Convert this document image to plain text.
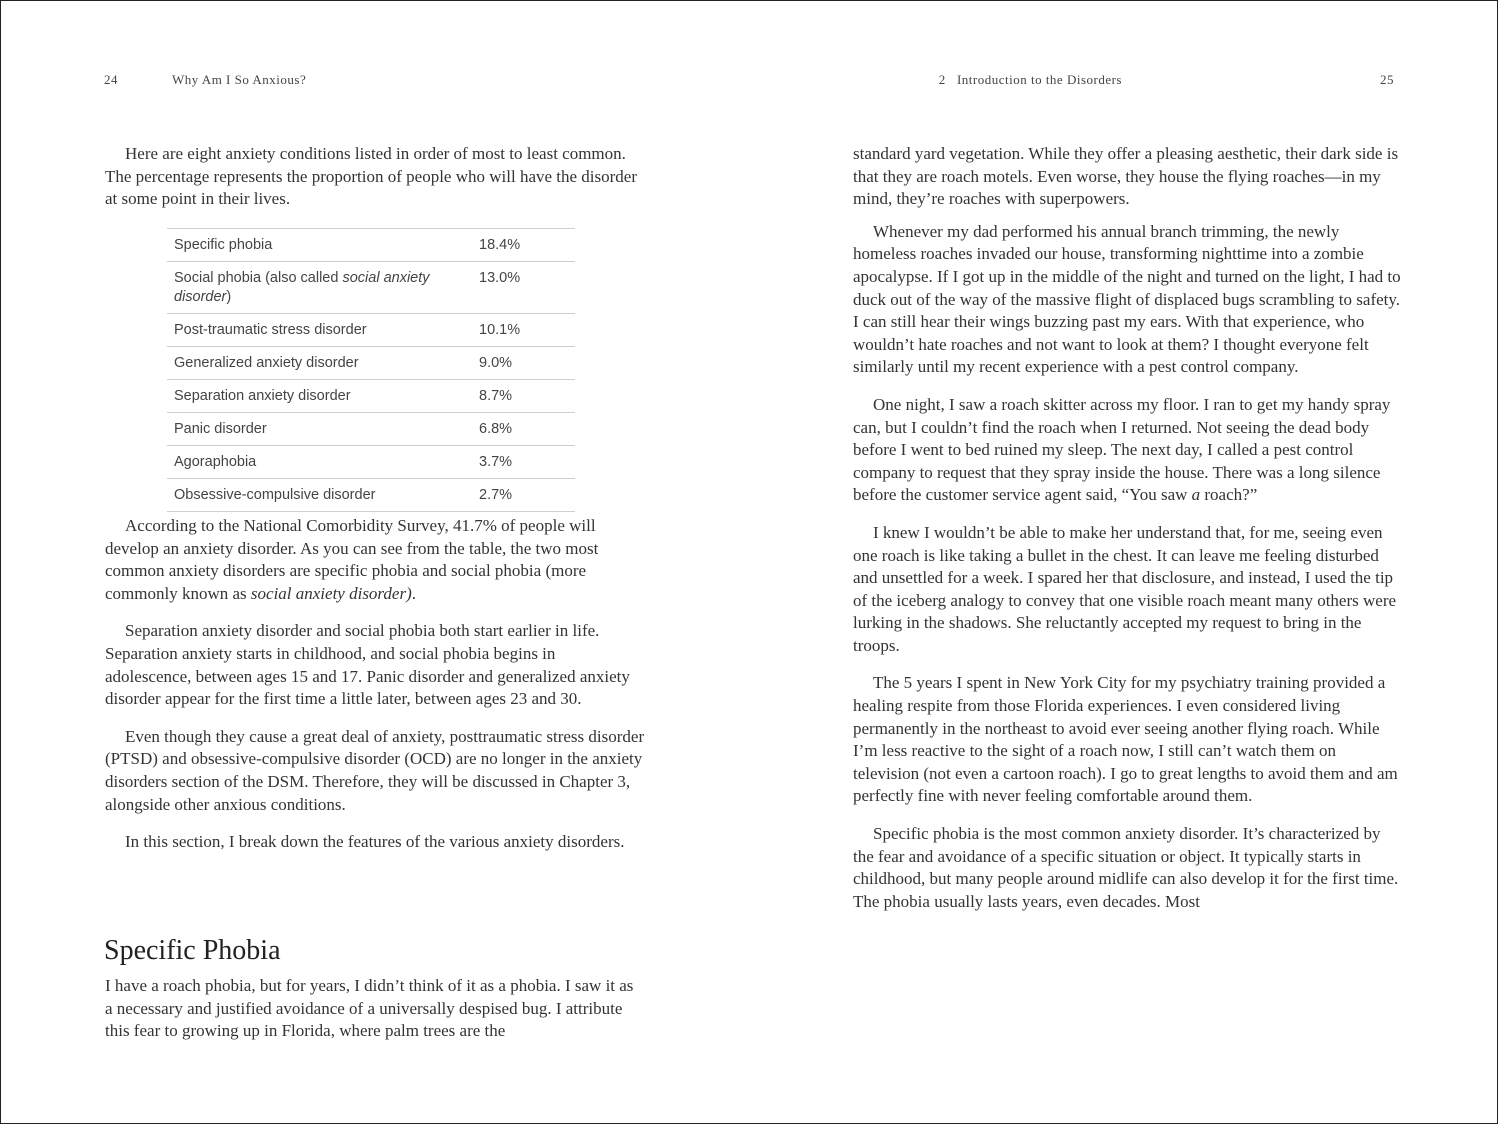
24	Why Am I So Anxious?

Here are eight anxiety conditions listed in order of most to least common. The percentage represents the proportion of people who will have the disorder at some point in their lives.

Specific phobia	18.4%
Social phobia (also called social anxiety disorder)	13.0%
Post-traumatic stress disorder	10.1%
Generalized anxiety disorder	9.0%
Separation anxiety disorder	8.7%
Panic disorder	6.8%
Agoraphobia	3.7%
Obsessive-compulsive disorder	2.7%

According to the National Comorbidity Survey, 41.7% of people will develop an anxiety disorder. As you can see from the table, the two most common anxiety disorders are specific phobia and social phobia (more commonly known as social anxiety disorder).

Separation anxiety disorder and social phobia both start earlier in life. Separation anxiety starts in childhood, and social phobia begins in adolescence, between ages 15 and 17. Panic disorder and generalized anxiety disorder appear for the first time a little later, between ages 23 and 30.

Even though they cause a great deal of anxiety, posttraumatic stress disorder (PTSD) and obsessive-compulsive disorder (OCD) are no longer in the anxiety disorders section of the DSM. Therefore, they will be discussed in Chapter 3, alongside other anxious conditions.

In this section, I break down the features of the various anxiety disorders.

Specific Phobia

I have a roach phobia, but for years, I didn’t think of it as a phobia. I saw it as a necessary and justified avoidance of a universally despised bug. I attribute this fear to growing up in Florida, where palm trees are the

2   Introduction to the Disorders	25

standard yard vegetation. While they offer a pleasing aesthetic, their dark side is that they are roach motels. Even worse, they house the flying roaches—in my mind, they’re roaches with superpowers.

Whenever my dad performed his annual branch trimming, the newly homeless roaches invaded our house, transforming nighttime into a zombie apocalypse. If I got up in the middle of the night and turned on the light, I had to duck out of the way of the massive flight of displaced bugs scrambling to safety. I can still hear their wings buzzing past my ears. With that experience, who wouldn’t hate roaches and not want to look at them? I thought everyone felt similarly until my recent experience with a pest control company.

One night, I saw a roach skitter across my floor. I ran to get my handy spray can, but I couldn’t find the roach when I returned. Not seeing the dead body before I went to bed ruined my sleep. The next day, I called a pest control company to request that they spray inside the house. There was a long silence before the customer service agent said, “You saw a roach?”

I knew I wouldn’t be able to make her understand that, for me, seeing even one roach is like taking a bullet in the chest. It can leave me feeling disturbed and unsettled for a week. I spared her that disclosure, and instead, I used the tip of the iceberg analogy to convey that one visible roach meant many others were lurking in the shadows. She reluctantly accepted my request to bring in the troops.

The 5 years I spent in New York City for my psychiatry training provided a healing respite from those Florida experiences. I even considered living permanently in the northeast to avoid ever seeing another flying roach. While I’m less reactive to the sight of a roach now, I still can’t watch them on television (not even a cartoon roach). I go to great lengths to avoid them and am perfectly fine with never feeling comfortable around them.

Specific phobia is the most common anxiety disorder. It’s characterized by the fear and avoidance of a specific situation or object. It typically starts in childhood, but many people around midlife can also develop it for the first time. The phobia usually lasts years, even decades. Most
